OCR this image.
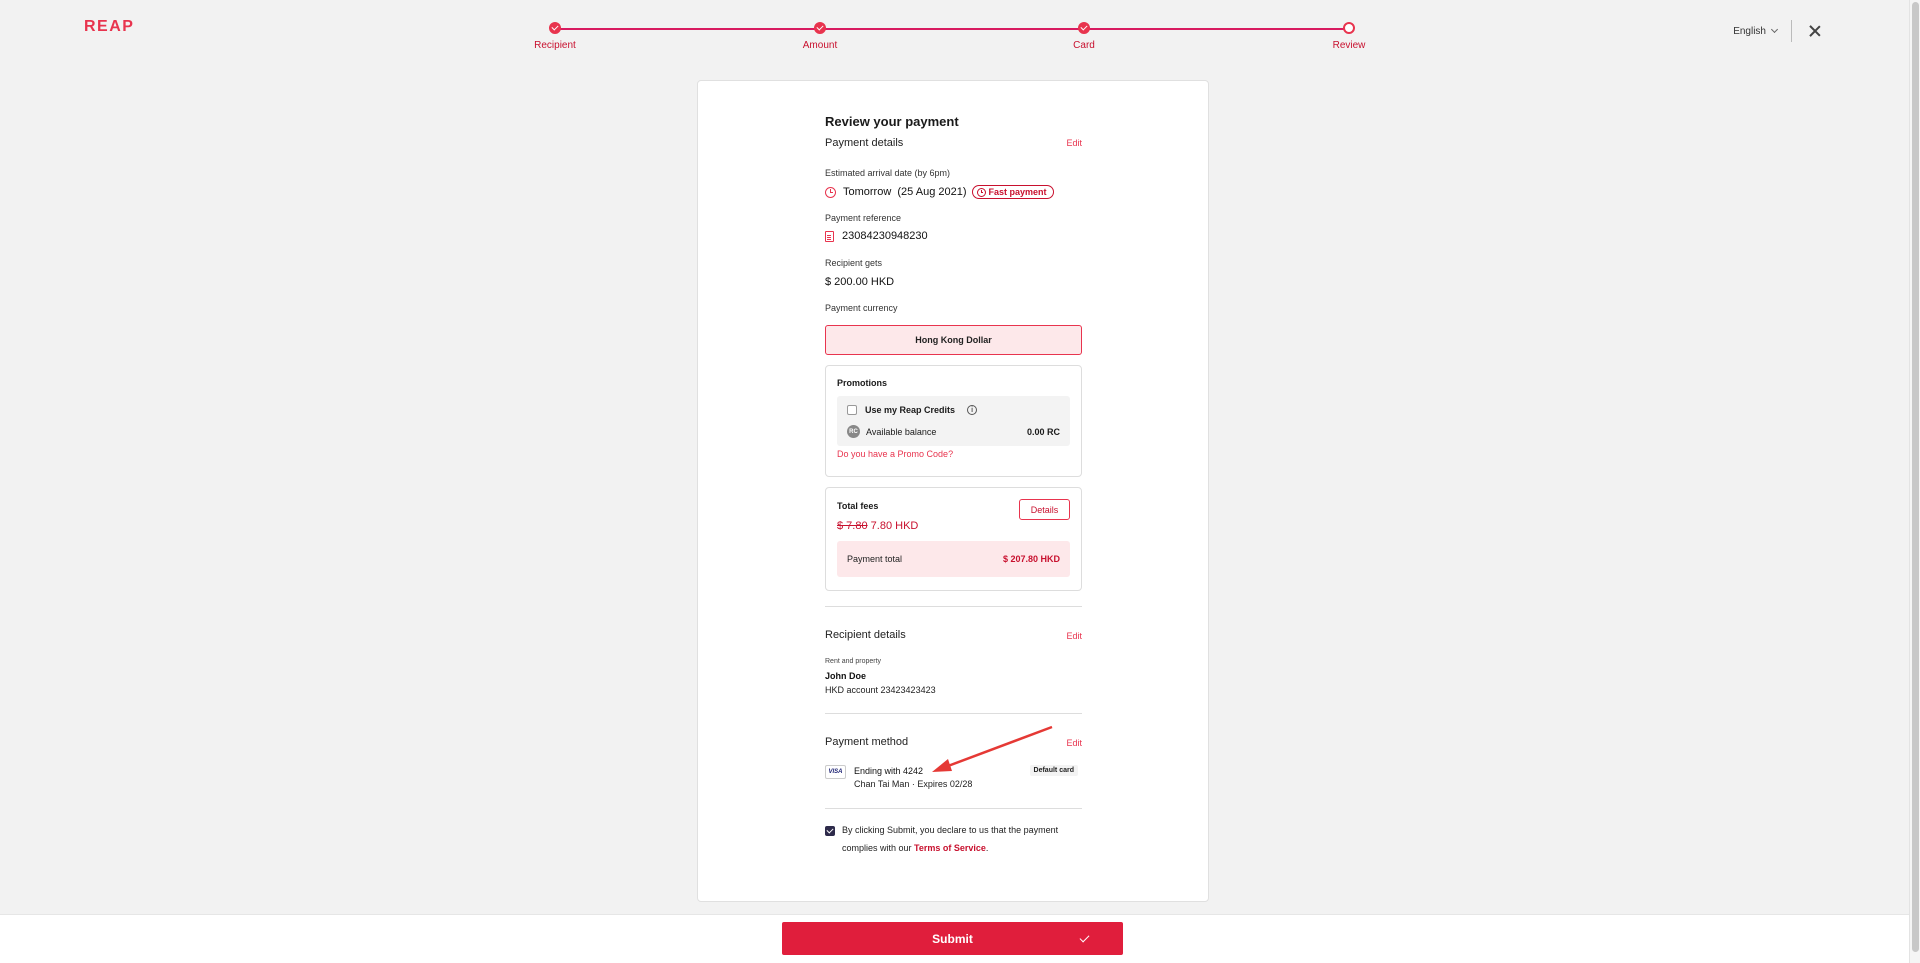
REAP
Recipient	Amount	Card	Review
English
Review your payment
Payment details	Edit
Estimated arrival date (by 6pm)
Tomorrow  (25 Aug 2021) Fast payment
Payment reference
23084230948230
Recipient gets
$ 200.00 HKD
Payment currency
Hong Kong Dollar
Promotions
Use my Reap Credits	i
RC Available balance	0.00 RC
Do you have a Promo Code?
Total fees	Details
$ 7.80 7.80 HKD
Payment total	$ 207.80 HKD
Recipient details	Edit
Rent and property
John Doe
HKD account 23423423423
Payment method	Edit
VISA	Ending with 4242
Chan Tai Man · Expires 02/28
Default card
By clicking Submit, you declare to us that the payment complies with our Terms of Service.
Submit
